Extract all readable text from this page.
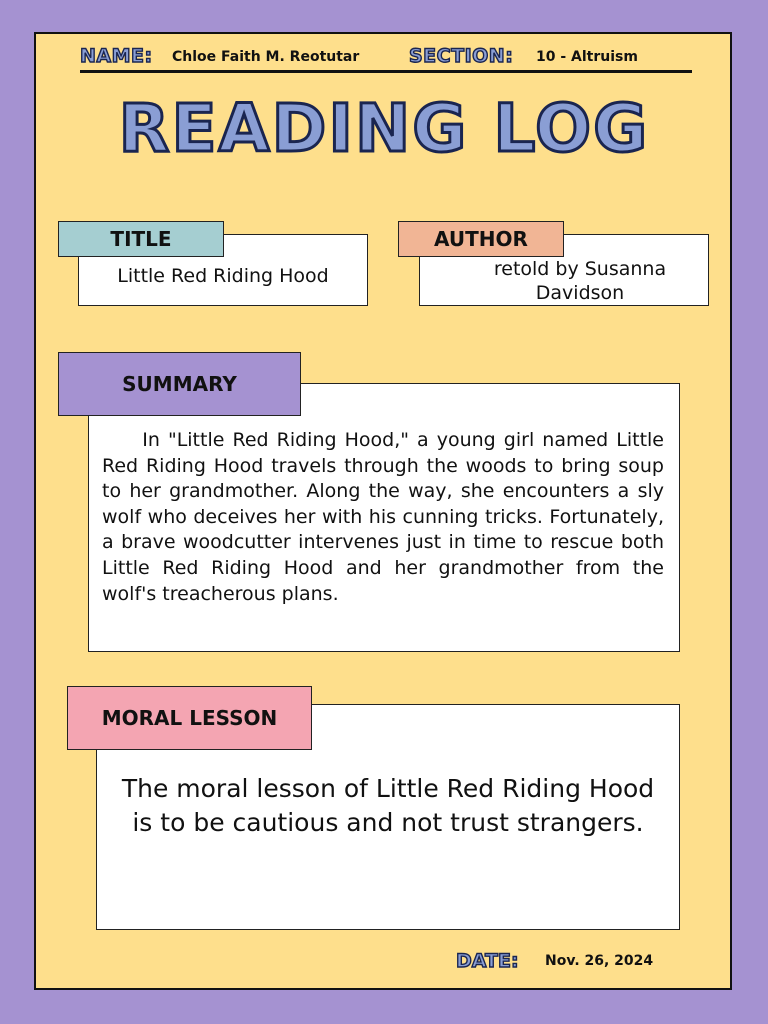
NAME: Chloe Faith M. Reotutar	SECTION: 10 - Altruism
READING LOG
Little Red Riding Hood
TITLE
retold by Susanna Davidson
AUTHOR
SUMMARY
In "Little Red Riding Hood," a young girl named Little Red Riding Hood travels through the woods to bring soup to her grandmother. Along the way, she encounters a sly wolf who deceives her with his cunning tricks. Fortunately, a brave woodcutter intervenes just in time to rescue both Little Red Riding Hood and her grandmother from the wolf's treacherous plans.
MORAL LESSON
The moral lesson of Little Red Riding Hood is to be cautious and not trust strangers.
DATE: Nov. 26, 2024
